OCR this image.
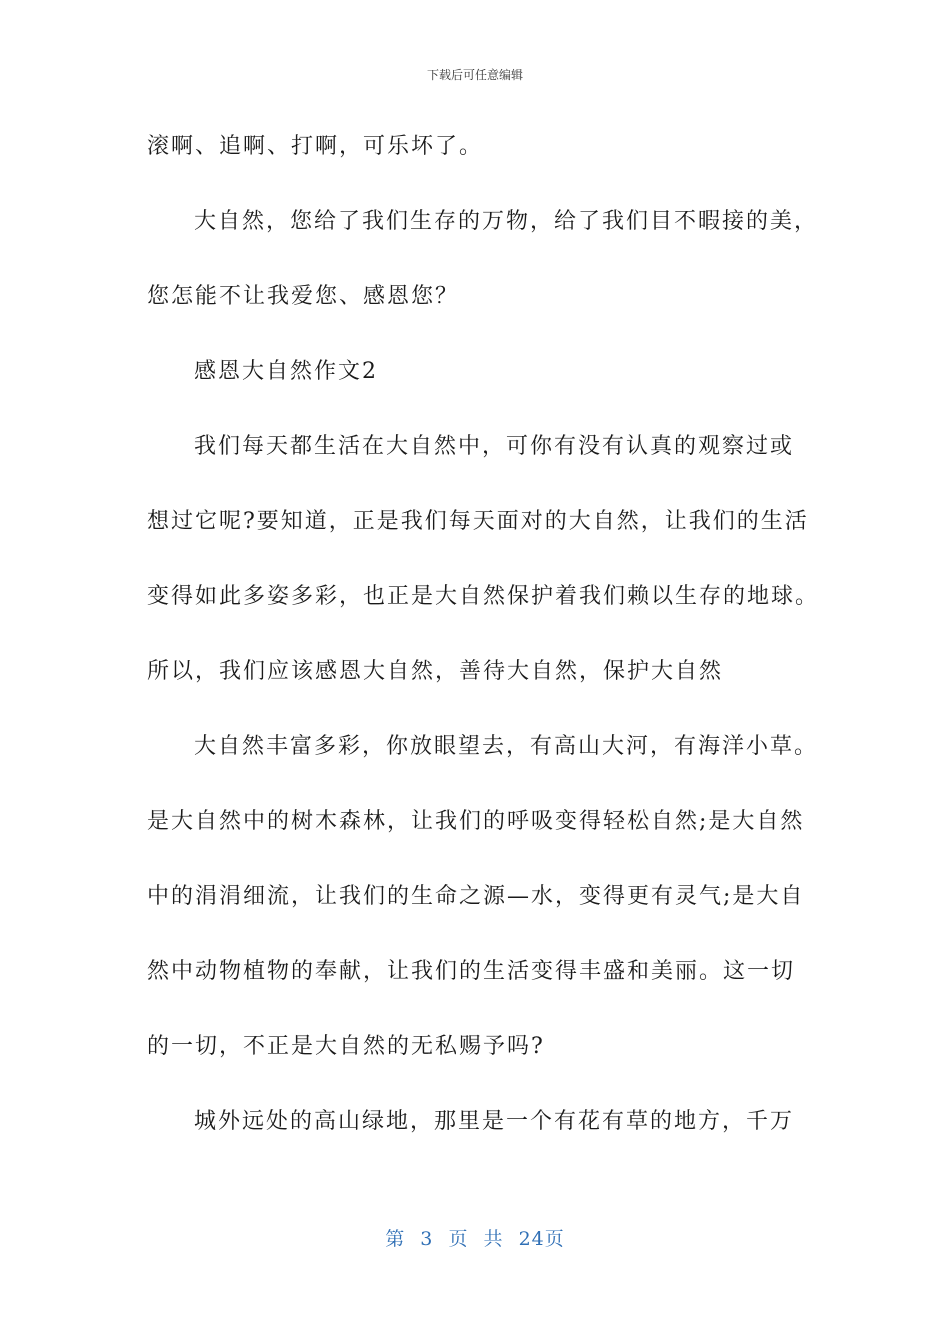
下载后可任意编辑
滚啊、追啊、打啊，可乐坏了。
大自然，您给了我们生存的万物，给了我们目不暇接的美，
您怎能不让我爱您、感恩您？
感恩大自然作文2
我们每天都生活在大自然中，可你有没有认真的观察过或
想过它呢?要知道，正是我们每天面对的大自然，让我们的生活
变得如此多姿多彩，也正是大自然保护着我们赖以生存的地球。
所以，我们应该感恩大自然，善待大自然，保护大自然
大自然丰富多彩，你放眼望去，有高山大河，有海洋小草。
是大自然中的树木森林，让我们的呼吸变得轻松自然;是大自然
中的涓涓细流，让我们的生命之源—水，变得更有灵气;是大自
然中动物植物的奉献，让我们的生活变得丰盛和美丽。这一切
的一切，不正是大自然的无私赐予吗?
城外远处的高山绿地，那里是一个有花有草的地方，千万
第 3 页 共 24页
